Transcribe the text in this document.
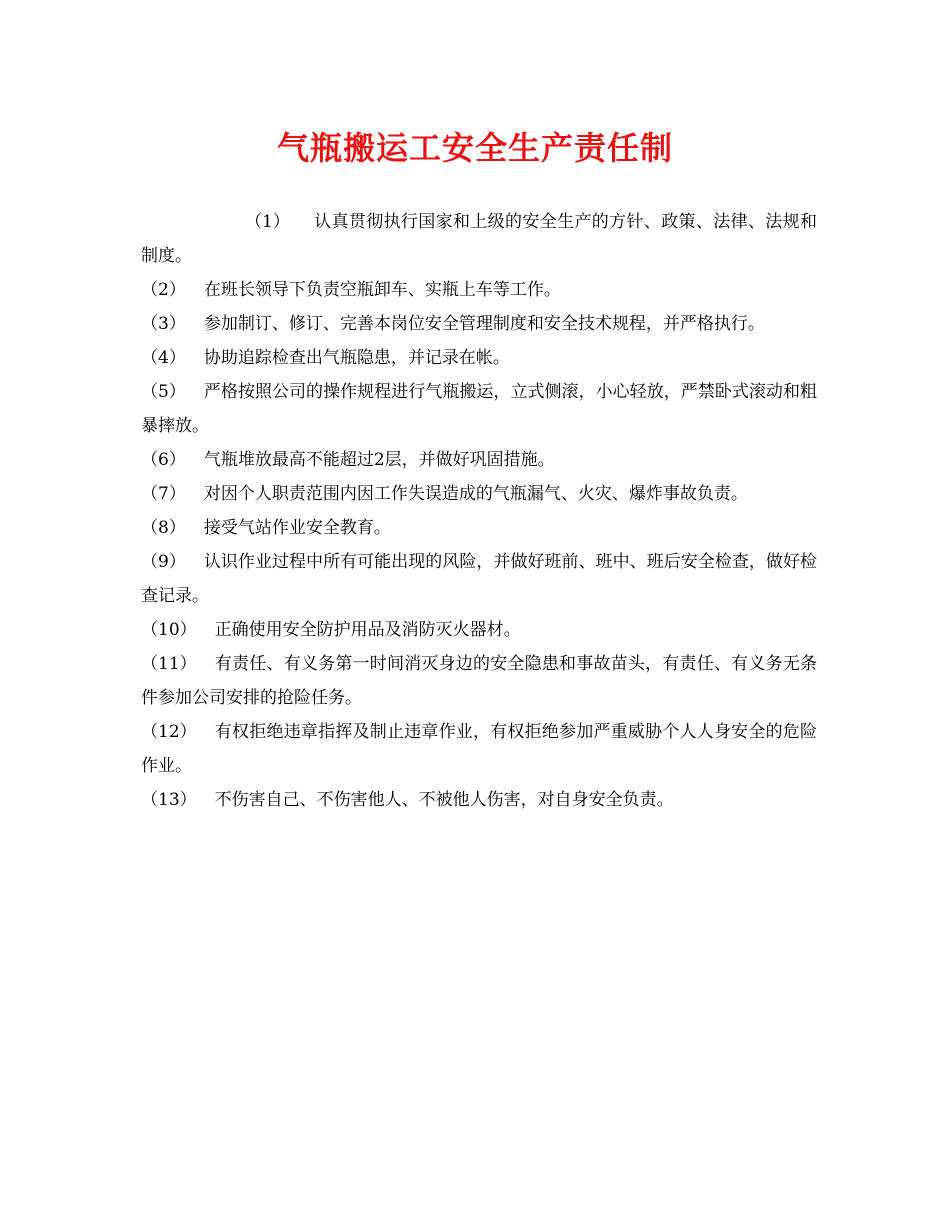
气瓶搬运工安全生产责任制

（1） 认真贯彻执行国家和上级的安全生产的方针、政策、法律、法规和制度。

（2） 在班长领导下负责空瓶卸车、实瓶上车等工作。

（3） 参加制订、修订、完善本岗位安全管理制度和安全技术规程，并严格执行。

（4） 协助追踪检查出气瓶隐患，并记录在帐。

（5） 严格按照公司的操作规程进行气瓶搬运，立式侧滚，小心轻放，严禁卧式滚动和粗暴摔放。

（6） 气瓶堆放最高不能超过2层，并做好巩固措施。

（7） 对因个人职责范围内因工作失误造成的气瓶漏气、火灾、爆炸事故负责。

（8） 接受气站作业安全教育。

（9） 认识作业过程中所有可能出现的风险，并做好班前、班中、班后安全检查，做好检查记录。

（10） 正确使用安全防护用品及消防灭火器材。

（11） 有责任、有义务第一时间消灭身边的安全隐患和事故苗头，有责任、有义务无条件参加公司安排的抢险任务。

（12） 有权拒绝违章指挥及制止违章作业，有权拒绝参加严重威胁个人人身安全的危险作业。

（13） 不伤害自己、不伤害他人、不被他人伤害，对自身安全负责。
